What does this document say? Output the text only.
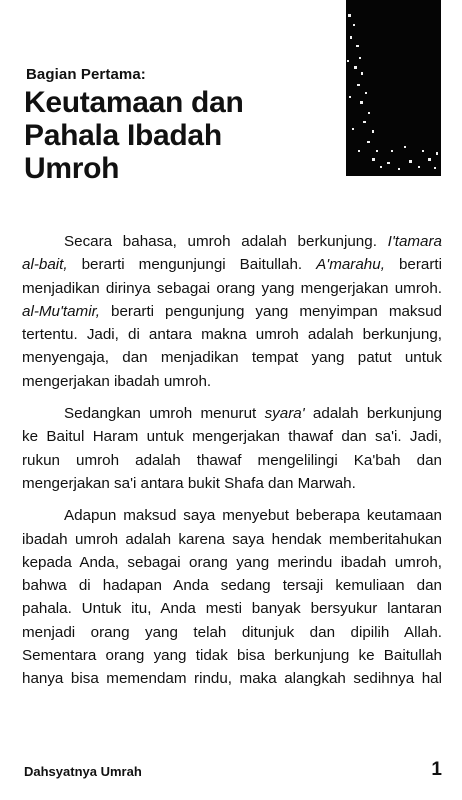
Bagian Pertama:

Keutamaan dan
Pahala Ibadah
Umroh
Secara bahasa, umroh adalah berkunjung. I'tamara
al-bait, berarti mengunjungi Baitullah. A'marahu, berarti
menjadikan dirinya sebagai orang yang mengerjakan umroh.
al-Mu'tamir, berarti pengunjung yang menyimpan maksud
tertentu. Jadi, di antara makna umroh adalah berkunjung,
menyengaja, dan menjadikan tempat yang patut untuk
mengerjakan ibadah umroh.
Sedangkan umroh menurut syara' adalah berkunjung
ke Baitul Haram untuk mengerjakan thawaf dan sa'i. Jadi,
rukun umroh adalah thawaf mengelilingi Ka'bah dan
mengerjakan sa'i antara bukit Shafa dan Marwah.
Adapun maksud saya menyebut beberapa keutamaan
ibadah umroh adalah karena saya hendak memberitahukan
kepada Anda, sebagai orang yang merindu ibadah umroh,
bahwa di hadapan Anda sedang tersaji kemuliaan dan
pahala. Untuk itu, Anda mesti banyak bersyukur lantaran
menjadi orang yang telah ditunjuk dan dipilih Allah.
Sementara orang yang tidak bisa berkunjung ke Baitullah
hanya bisa memendam rindu, maka alangkah sedihnya hal

Dahsyatnya Umrah	1
